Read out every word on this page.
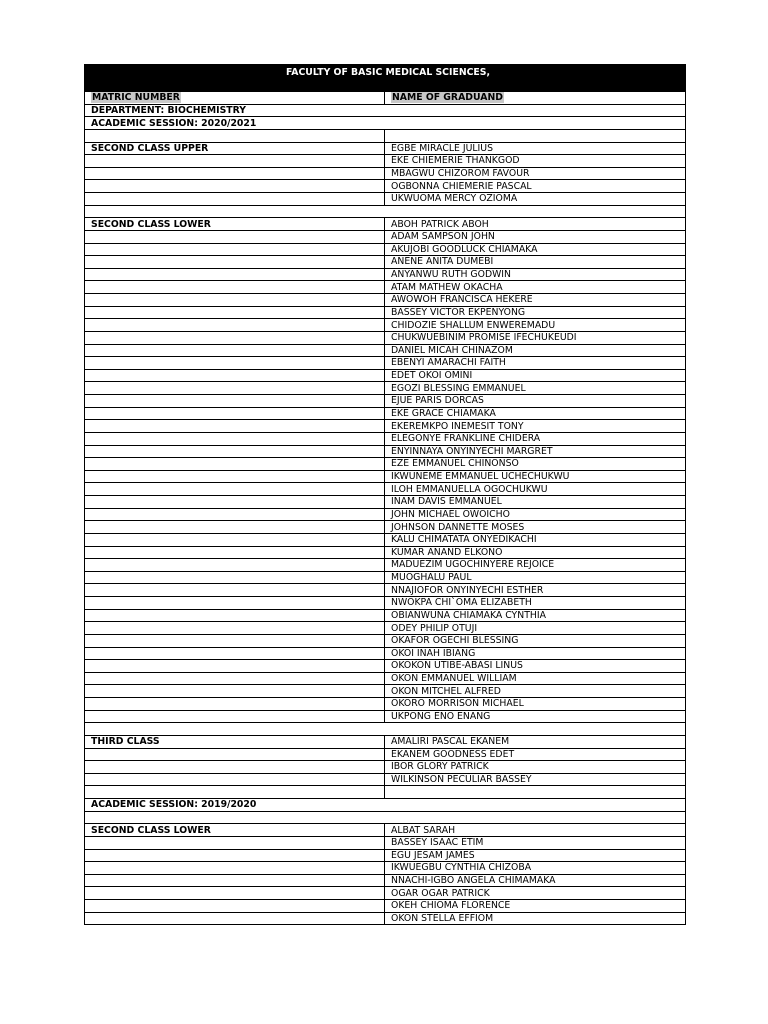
FACULTY OF BASIC MEDICAL SCIENCES,	
MATRIC NUMBER	NAME OF GRADUAND
DEPARTMENT: BIOCHEMISTRY	
ACADEMIC SESSION: 2020/2021	

SECOND CLASS UPPER	EGBE MIRACLE JULIUS
	EKE CHIEMERIE THANKGOD
	MBAGWU CHIZOROM FAVOUR
	OGBONNA CHIEMERIE PASCAL
	UKWUOMA MERCY OZIOMA

SECOND CLASS LOWER	ABOH PATRICK ABOH
	ADAM SAMPSON JOHN
	AKUJOBI GOODLUCK CHIAMAKA
	ANENE ANITA DUMEBI
	ANYANWU RUTH GODWIN
	ATAM MATHEW OKACHA
	AWOWOH FRANCISCA HEKERE
	BASSEY VICTOR EKPENYONG
	CHIDOZIE SHALLUM ENWEREMADU
	CHUKWUEBINIM PROMISE IFECHUKEUDI
	DANIEL MICAH CHINAZOM
	EBENYI AMARACHI FAITH
	EDET OKOI OMINI
	EGOZI BLESSING EMMANUEL
	EJUE PARIS DORCAS
	EKE GRACE CHIAMAKA
	EKEREMKPO INEMESIT TONY
	ELEGONYE FRANKLINE CHIDERA
	ENYINNAYA ONYINYECHI MARGRET
	EZE EMMANUEL CHINONSO
	IKWUNEME EMMANUEL UCHECHUKWU
	ILOH EMMANUELLA OGOCHUKWU
	INAM DAVIS EMMANUEL
	JOHN MICHAEL OWOICHO
	JOHNSON DANNETTE MOSES
	KALU CHIMATATA ONYEDIKACHI
	KUMAR ANAND ELKONO
	MADUEZIM UGOCHINYERE REJOICE
	MUOGHALU PAUL
	NNAJIOFOR ONYINYECHI ESTHER
	NWOKPA CHI`OMA ELIZABETH
	OBIANWUNA CHIAMAKA CYNTHIA
	ODEY PHILIP OTUJI
	OKAFOR OGECHI BLESSING
	OKOI INAH IBIANG
	OKOKON UTIBE-ABASI LINUS
	OKON EMMANUEL WILLIAM
	OKON MITCHEL ALFRED
	OKORO MORRISON MICHAEL
	UKPONG ENO ENANG

THIRD CLASS	AMALIRI PASCAL EKANEM
	EKANEM GOODNESS EDET
	IBOR GLORY PATRICK
	WILKINSON PECULIAR BASSEY

ACADEMIC SESSION: 2019/2020	

SECOND CLASS LOWER	ALBAT SARAH
	BASSEY ISAAC ETIM
	EGU JESAM JAMES
	IKWUEGBU CYNTHIA CHIZOBA
	NNACHI-IGBO ANGELA CHIMAMAKA
	OGAR OGAR PATRICK
	OKEH CHIOMA FLORENCE
	OKON STELLA EFFIOM
